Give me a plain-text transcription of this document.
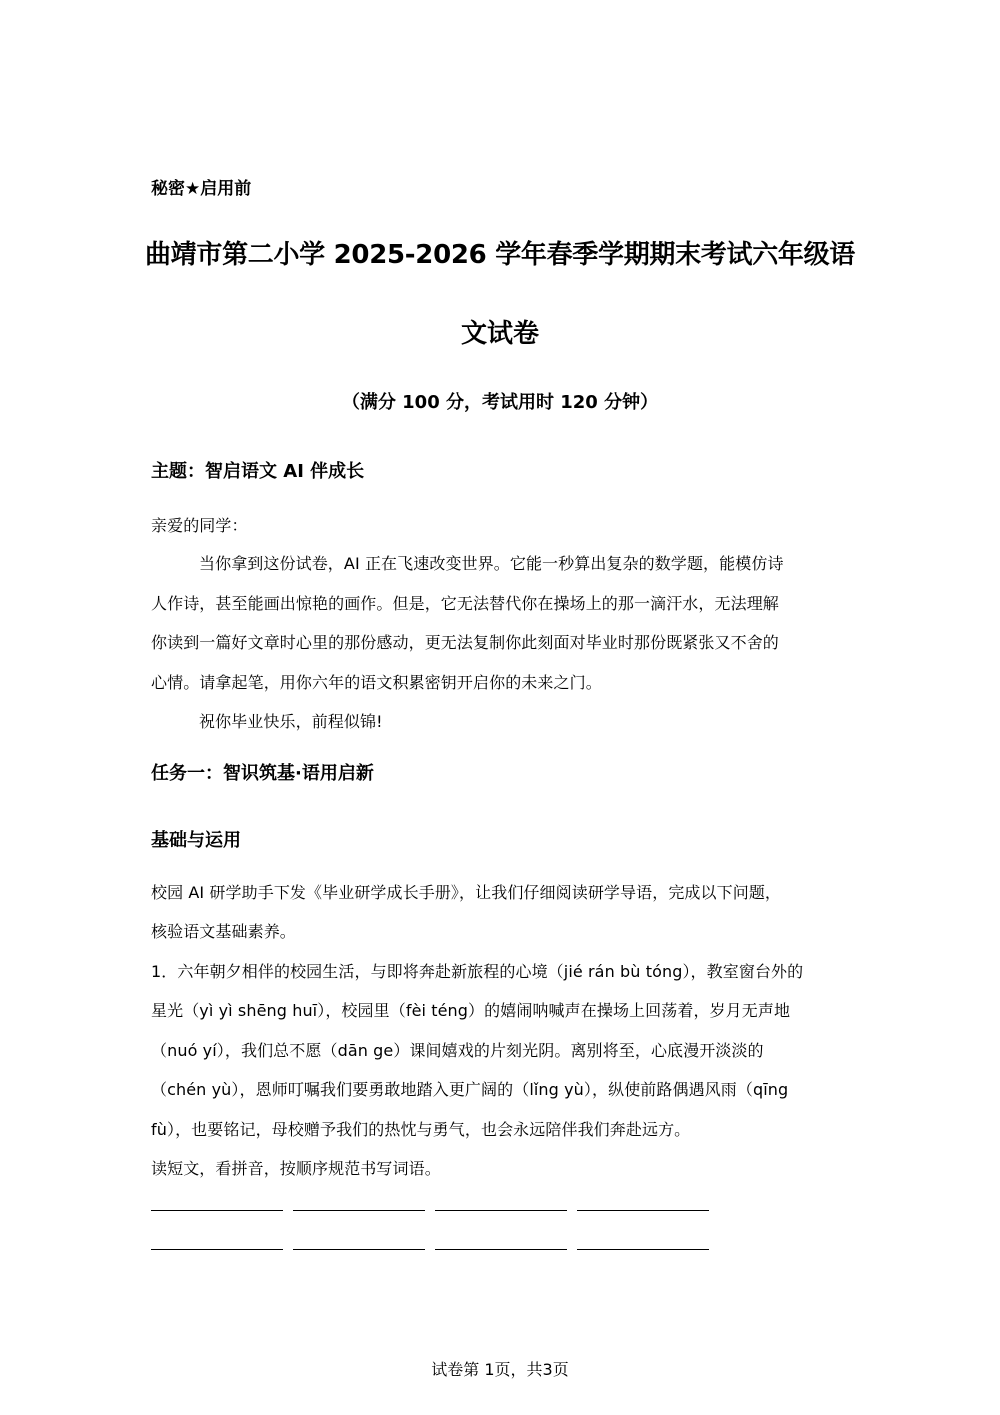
秘密★启用前
曲靖市第二小学 2025-2026 学年春季学期期末考试六年级语
文试卷
（满分 100 分，考试用时 120 分钟）
主题：智启语文 AI 伴成长
亲爱的同学：
当你拿到这份试卷，AI 正在飞速改变世界。它能一秒算出复杂的数学题，能模仿诗
人作诗，甚至能画出惊艳的画作。但是，它无法替代你在操场上的那一滴汗水，无法理解
你读到一篇好文章时心里的那份感动，更无法复制你此刻面对毕业时那份既紧张又不舍的
心情。请拿起笔，用你六年的语文积累密钥开启你的未来之门。
祝你毕业快乐，前程似锦!
任务一：智识筑基·语用启新
基础与运用
校园 AI 研学助手下发《毕业研学成长手册》，让我们仔细阅读研学导语，完成以下问题，
核验语文基础素养。
1．六年朝夕相伴的校园生活，与即将奔赴新旅程的心境（jié rán bù tóng），教室窗台外的
星光（yì yì shēng huī），校园里（fèi téng）的嬉闹呐喊声在操场上回荡着，岁月无声地
（nuó yí），我们总不愿（dān ge）课间嬉戏的片刻光阴。离别将至，心底漫开淡淡的
（chén yù），恩师叮嘱我们要勇敢地踏入更广阔的（lǐng yù），纵使前路偶遇风雨（qīng
fù），也要铭记，母校赠予我们的热忱与勇气，也会永远陪伴我们奔赴远方。
读短文，看拼音，按顺序规范书写词语。
试卷第 1页，共3页
